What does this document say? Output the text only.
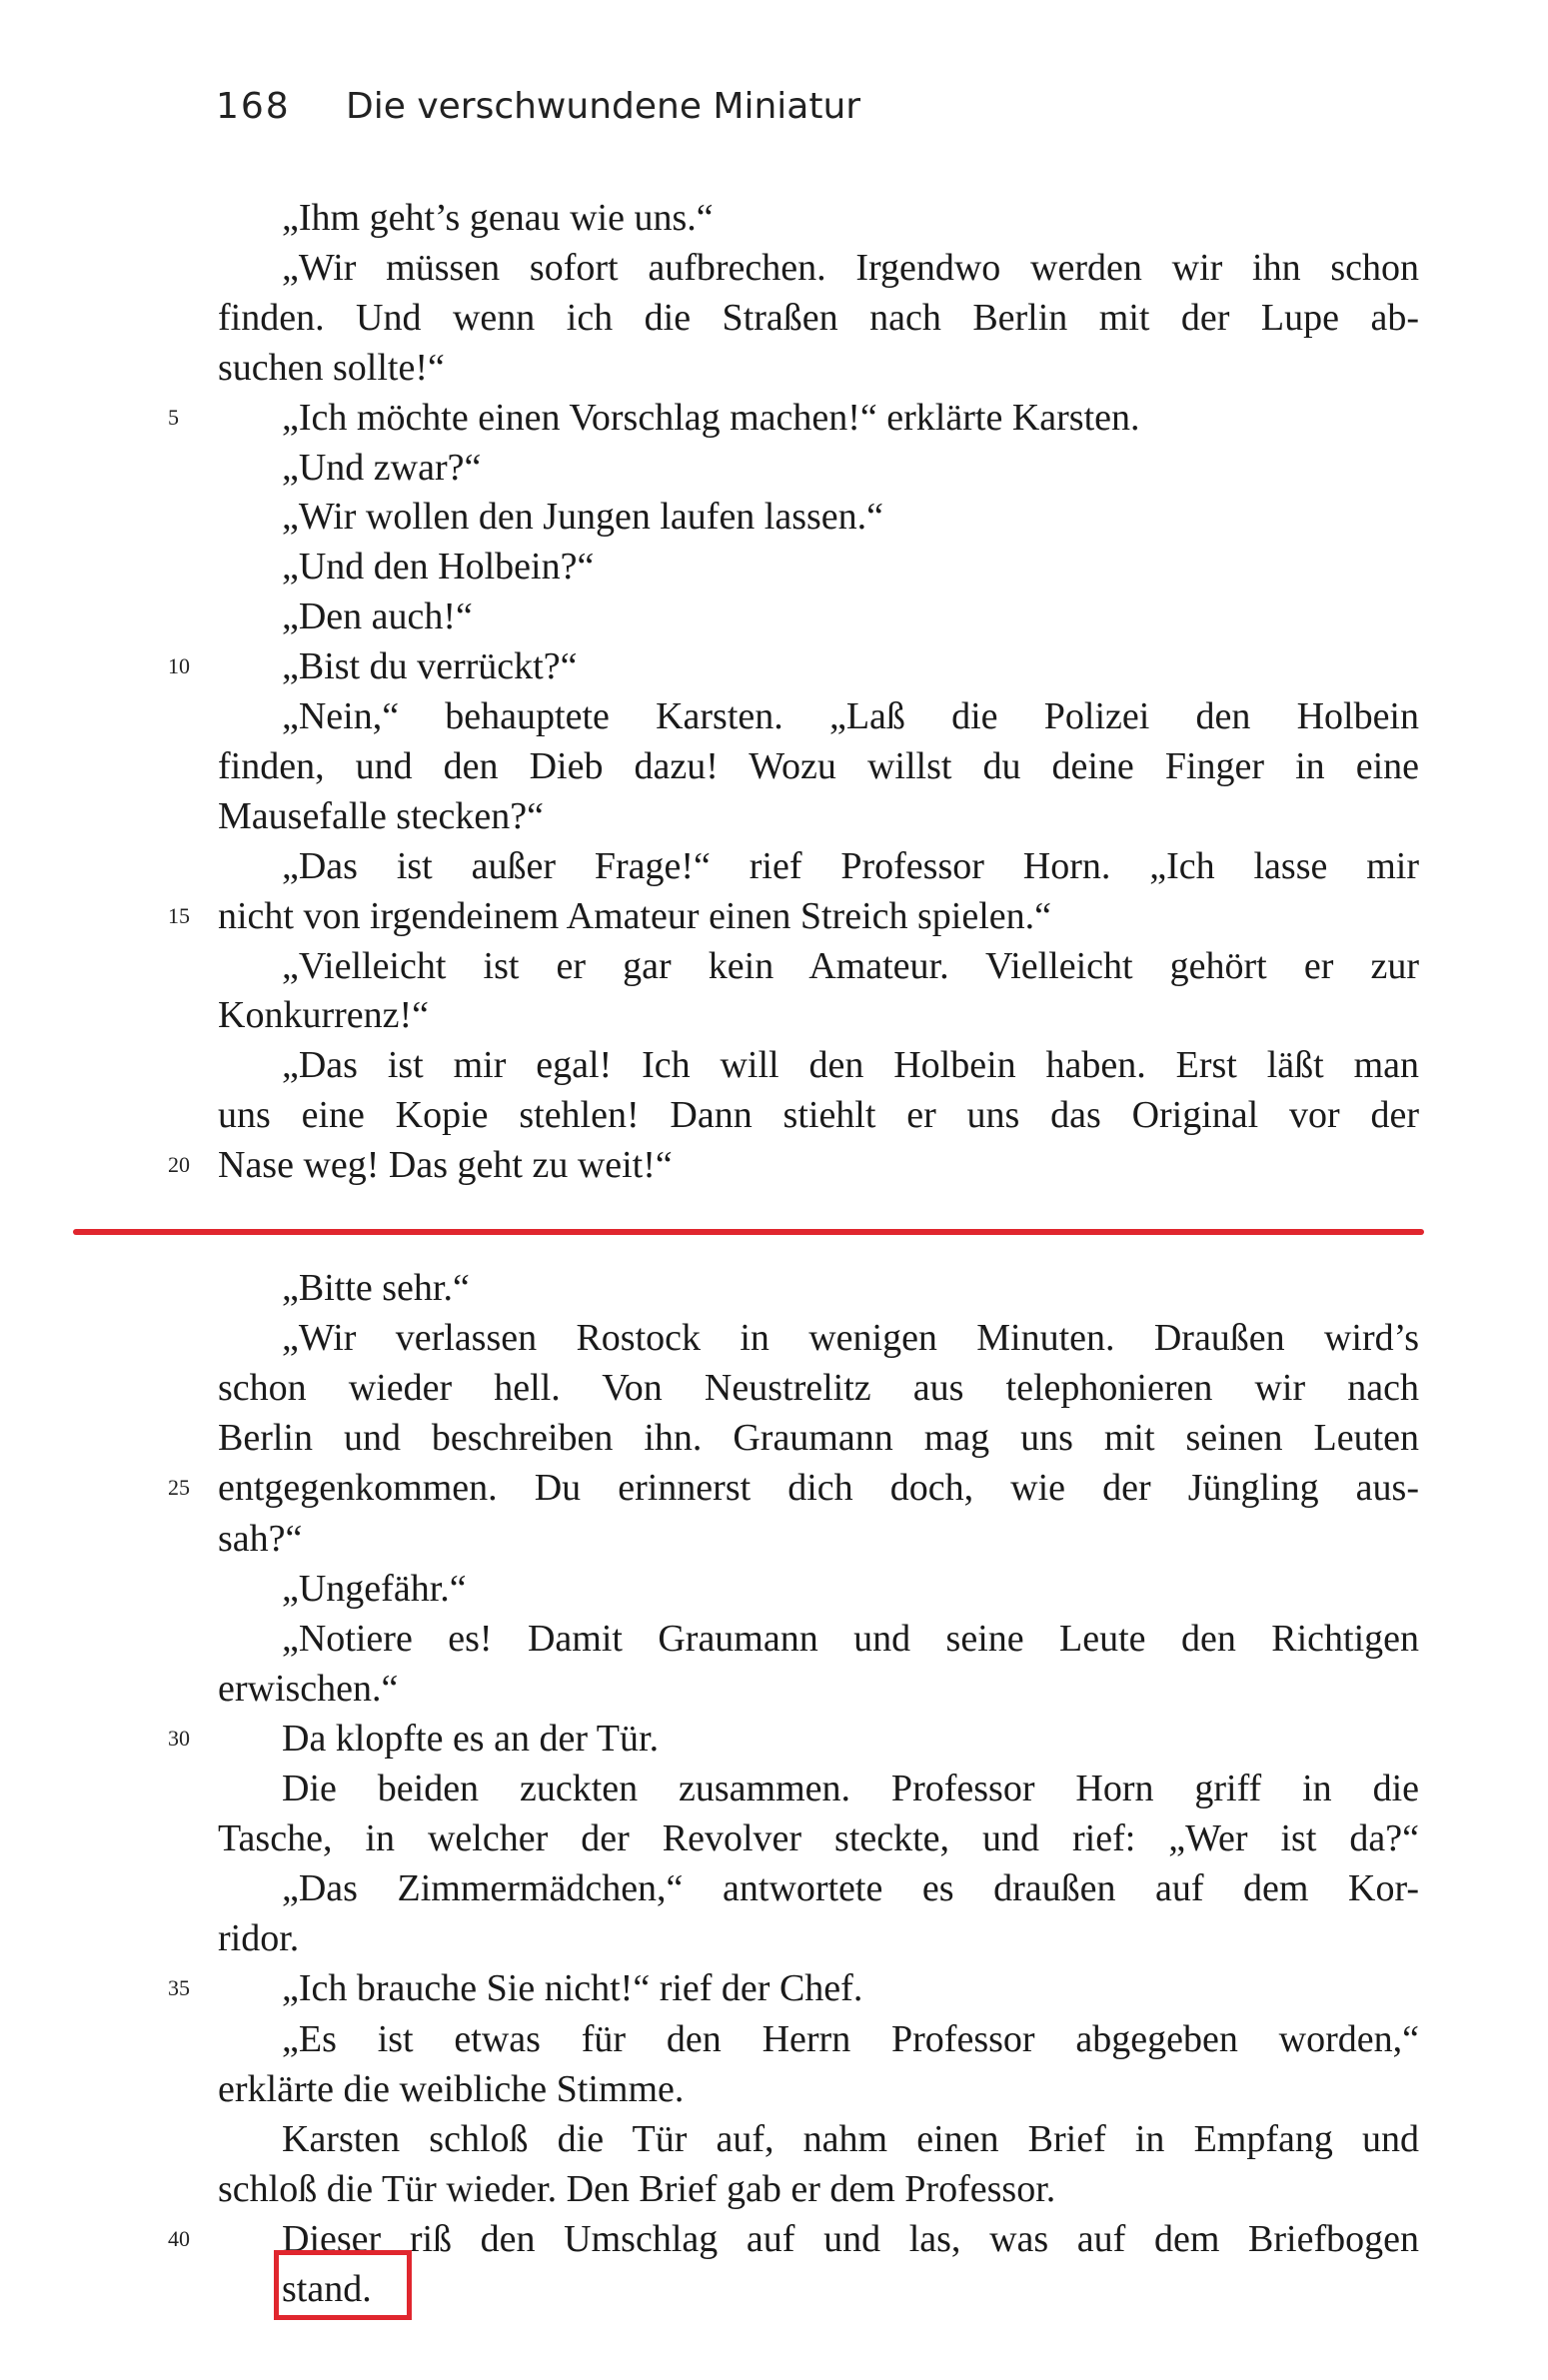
168	Die verschwundene Miniatur
„Ihm geht’s genau wie uns.“
„Wir müssen sofort aufbrechen. Irgendwo werden wir ihn schon
finden. Und wenn ich die Straßen nach Berlin mit der Lupe ab-
suchen sollte!“
„Ich möchte einen Vorschlag machen!“ erklärte Karsten.
5
„Und zwar?“
„Wir wollen den Jungen laufen lassen.“
„Und den Holbein?“
„Den auch!“
„Bist du verrückt?“
10
„Nein,“ behauptete Karsten. „Laß die Polizei den Holbein
finden, und den Dieb dazu! Wozu willst du deine Finger in eine
Mausefalle stecken?“
„Das ist außer Frage!“ rief Professor Horn. „Ich lasse mir
nicht von irgendeinem Amateur einen Streich spielen.“
15
„Vielleicht ist er gar kein Amateur. Vielleicht gehört er zur
Konkurrenz!“
„Das ist mir egal! Ich will den Holbein haben. Erst läßt man
uns eine Kopie stehlen! Dann stiehlt er uns das Original vor der
Nase weg! Das geht zu weit!“
20
„Bitte sehr.“
„Wir verlassen Rostock in wenigen Minuten. Draußen wird’s
schon wieder hell. Von Neustrelitz aus telephonieren wir nach
Berlin und beschreiben ihn. Graumann mag uns mit seinen Leuten
entgegenkommen. Du erinnerst dich doch, wie der Jüngling aus-
25
sah?“
„Ungefähr.“
„Notiere es! Damit Graumann und seine Leute den Richtigen
erwischen.“
Da klopfte es an der Tür.
30
Die beiden zuckten zusammen. Professor Horn griff in die
Tasche, in welcher der Revolver steckte, und rief: „Wer ist da?“
„Das Zimmermädchen,“ antwortete es draußen auf dem Kor-
ridor.
„Ich brauche Sie nicht!“ rief der Chef.
35
„Es ist etwas für den Herrn Professor abgegeben worden,“
erklärte die weibliche Stimme.
Karsten schloß die Tür auf, nahm einen Brief in Empfang und
schloß die Tür wieder. Den Brief gab er dem Professor.
Dieser riß den Umschlag auf und las, was auf dem Briefbogen
40
stand.
